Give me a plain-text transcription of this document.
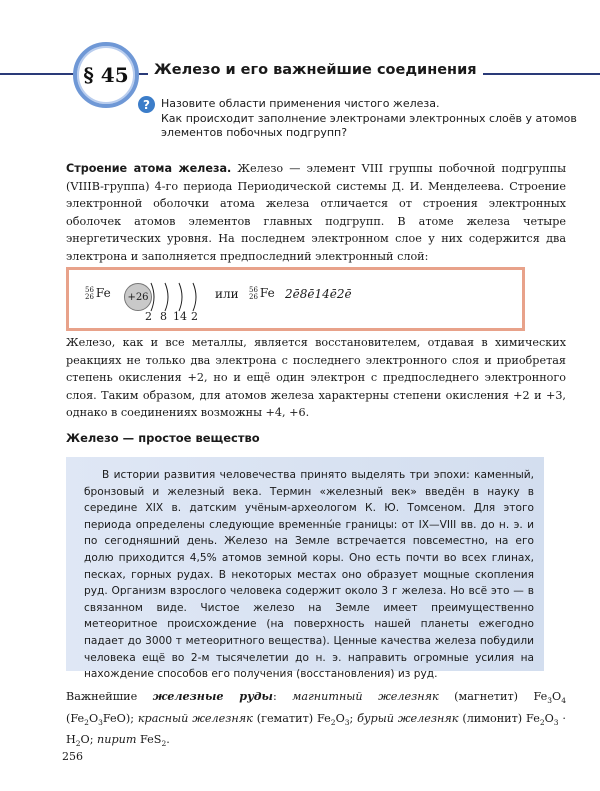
§ 45	Железо и его важнейшие соединения
?	Назовите области применения чистого железа.
Как происходит заполнение электронами электронных слоёв у атомов
элементов побочных подгрупп?
Строение атома железа. Железо — элемент VIII группы побочной подгруппы (VIIIB-группа) 4-го периода Периодической системы Д. И. Менделеева. Строение электронной оболочки атома железа отличается от строения электронных оболочек атомов элементов главных подгрупп. В атоме железа четыре энергетических уровня. На последнем электронном слое у них содержится два электрона и заполняется предпоследний электронный слой:
56
26 Fe	+26
2 8 14 2
или 56
26 Fe 2ē8ē14ē2ē
Железо, как и все металлы, является восстановителем, отдавая в химических реакциях не только два электрона с последнего электронного слоя и приобретая степень окисления +2, но и ещё один электрон с предпоследнего электронного слоя. Таким образом, для атомов железа характерны степени окисления +2 и +3, однако в соединениях возможны +4, +6.
Железо — простое вещество
В истории развития человечества принято выделять три эпохи: каменный, бронзовый и железный века. Термин «железный век» введён в науку в середине XIX в. датским учёным-археологом К. Ю. Томсеном. Для этого периода определены следующие временны́е границы: от IX—VIII вв. до н. э. и по сегодняшний день. Железо на Земле встречается повсеместно, на его долю приходится 4,5% атомов земной коры. Оно есть почти во всех глинах, песках, горных рудах. В некоторых местах оно образует мощные скопления руд. Организм взрослого человека содержит около 3 г железа. Но всё это — в связанном виде. Чистое железо на Земле имеет преимущественно метеоритное происхождение (на поверхность нашей планеты ежегодно падает до 3000 т метеоритного вещества). Ценные качества железа побудили человека ещё во 2-м тысячелетии до н. э. направить огромные усилия на нахождение способов его получения (восстановления) из руд.
Важнейшие железные руды: магнитный железняк (магнетит) $Fe_3O_4$ $(Fe_2O_3FeO)$; красный железняк (гематит) $Fe_2O_3$; бурый железняк (лимонит) $Fe_2O_3 \cdot H_2O$; пирит FeS$_2$.
256
